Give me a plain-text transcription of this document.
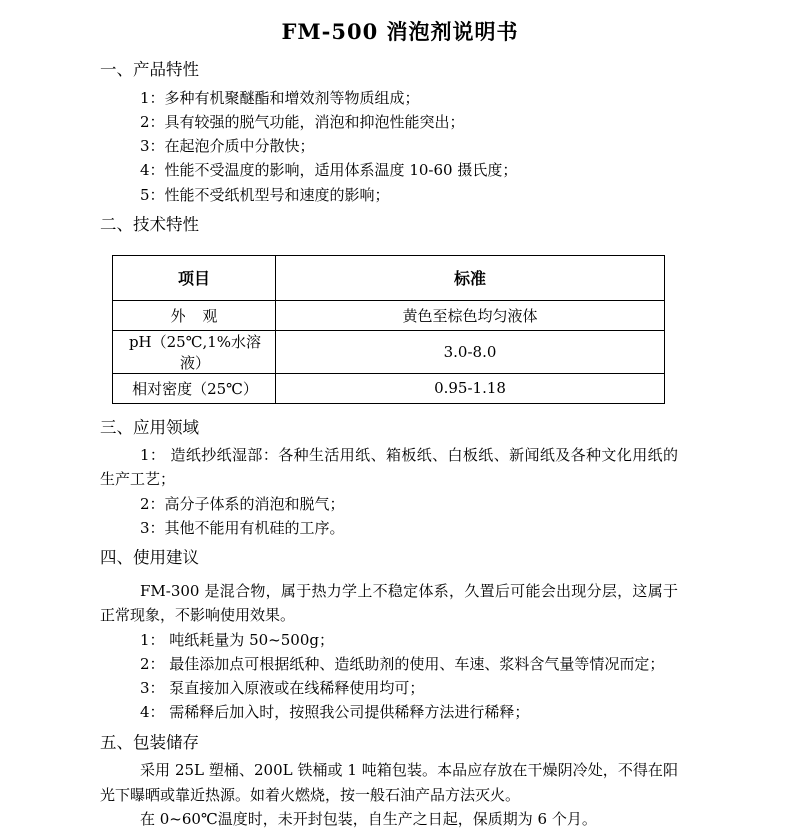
FM-500 消泡剂说明书
一、产品特性
1：多种有机聚醚酯和增效剂等物质组成；
2：具有较强的脱气功能，消泡和抑泡性能突出；
3：在起泡介质中分散快；
4：性能不受温度的影响，适用体系温度 10-60 摄氏度；
5：性能不受纸机型号和速度的影响；
二、技术特性
项目	标准
外 观	黄色至棕色均匀液体
pH（25℃,1%水溶液）	3.0-8.0
相对密度（25℃）	0.95-1.18
三、应用领域
1： 造纸抄纸湿部：各种生活用纸、箱板纸、白板纸、新闻纸及各种文化用纸的生产工艺；
2：高分子体系的消泡和脱气；
3：其他不能用有机硅的工序。
四、使用建议
FM-300 是混合物，属于热力学上不稳定体系，久置后可能会出现分层，这属于正常现象，不影响使用效果。
1： 吨纸耗量为 50~500g；
2： 最佳添加点可根据纸种、造纸助剂的使用、车速、浆料含气量等情况而定；
3： 泵直接加入原液或在线稀释使用均可；
4： 需稀释后加入时，按照我公司提供稀释方法进行稀释；
五、包装储存
采用 25L 塑桶、200L 铁桶或 1 吨箱包装。本品应存放在干燥阴冷处，不得在阳光下曝晒或靠近热源。如着火燃烧，按一般石油产品方法灭火。
在 0~60℃温度时，未开封包装，自生产之日起，保质期为 6 个月。
